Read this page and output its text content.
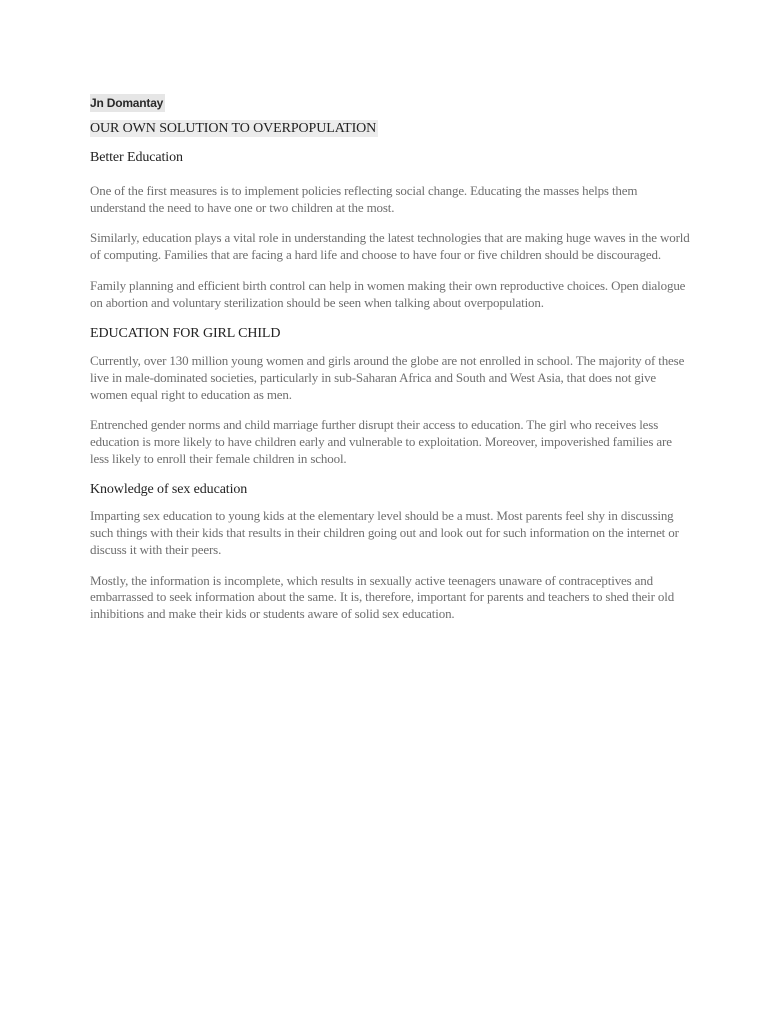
Jn Domantay
OUR OWN SOLUTION TO OVERPOPULATION
Better Education

One of the first measures is to implement policies reflecting social change. Educating the masses helps them understand the need to have one or two children at the most.

Similarly, education plays a vital role in understanding the latest technologies that are making huge waves in the world of computing. Families that are facing a hard life and choose to have four or five children should be discouraged.

Family planning and efficient birth control can help in women making their own reproductive choices. Open dialogue on abortion and voluntary sterilization should be seen when talking about overpopulation.

EDUCATION FOR GIRL CHILD

Currently, over 130 million young women and girls around the globe are not enrolled in school. The majority of these live in male-dominated societies, particularly in sub-Saharan Africa and South and West Asia, that does not give women equal right to education as men.

Entrenched gender norms and child marriage further disrupt their access to education. The girl who receives less education is more likely to have children early and vulnerable to exploitation. Moreover, impoverished families are less likely to enroll their female children in school.

Knowledge of sex education

Imparting sex education to young kids at the elementary level should be a must. Most parents feel shy in discussing such things with their kids that results in their children going out and look out for such information on the internet or discuss it with their peers.

Mostly, the information is incomplete, which results in sexually active teenagers unaware of contraceptives and embarrassed to seek information about the same. It is, therefore, important for parents and teachers to shed their old inhibitions and make their kids or students aware of solid sex education.
